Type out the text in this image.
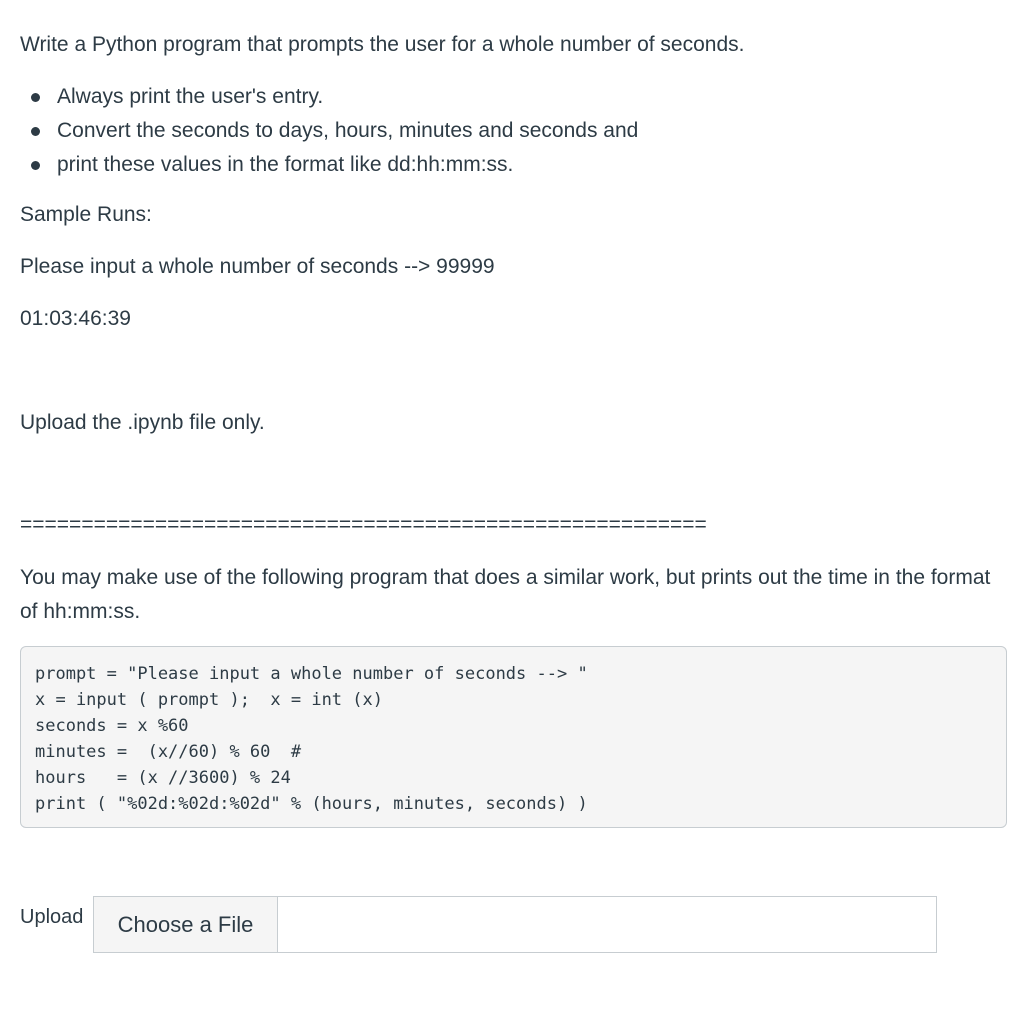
Write a Python program that prompts the user for a whole number of seconds.

Always print the user's entry.
Convert the seconds to days, hours, minutes and seconds and
print these values in the format like dd:hh:mm:ss.

Sample Runs:

Please input a whole number of seconds --> 99999

01:03:46:39

Upload the .ipynb file only.

========================================================

You may make use of the following program that does a similar work, but prints out the time in the format of hh:mm:ss.

prompt = "Please input a whole number of seconds --> "
x = input ( prompt );  x = int (x)
seconds = x %60
minutes =  (x//60) % 60  #
hours   = (x //3600) % 24
print ( "%02d:%02d:%02d" % (hours, minutes, seconds) )
Upload	Choose a File
